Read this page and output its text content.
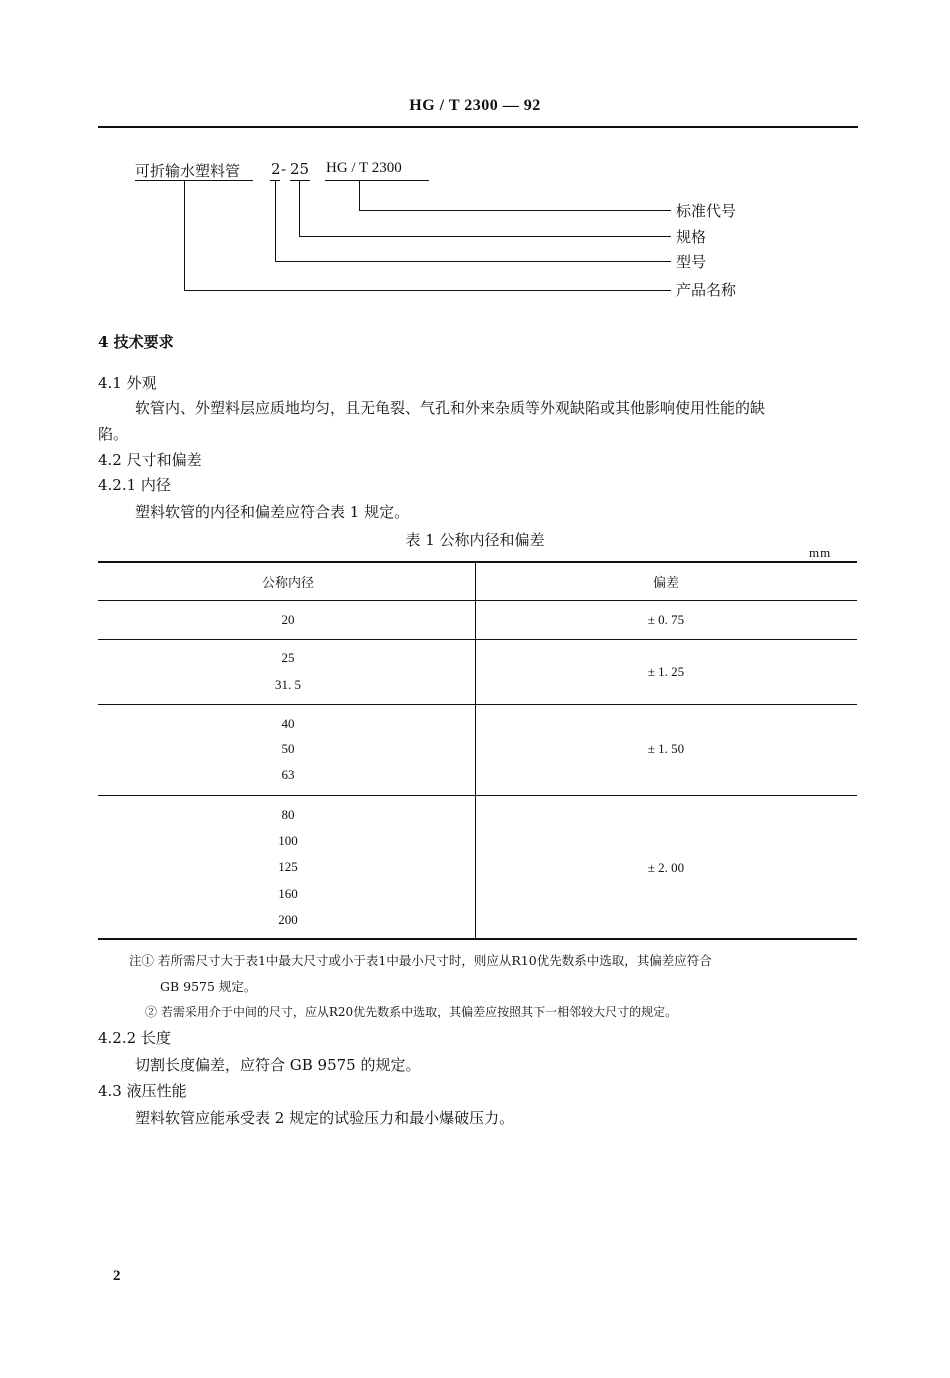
HG / T 2300 — 92
可折输水塑料管 2 - 25 HG / T 2300
标准代号
规格
型号
产品名称
4 技术要求
4.1 外观
软管内、外塑料层应质地均匀，且无龟裂、气孔和外来杂质等外观缺陷或其他影响使用性能的缺
陷。
4.2 尺寸和偏差
4.2.1 内径
塑料软管的内径和偏差应符合表 1 规定。
表 1 公称内径和偏差
mm
公称内径	偏差
20	± 0. 75
25
31. 5
± 1. 25
40
50
63
± 1. 50
80
100
125
160
200
± 2. 00
注① 若所需尺寸大于表1中最大尺寸或小于表1中最小尺寸时，则应从R10优先数系中选取，其偏差应符合
GB 9575 规定。
② 若需采用介于中间的尺寸，应从R20优先数系中选取，其偏差应按照其下一相邻较大尺寸的规定。
4.2.2 长度
切割长度偏差，应符合 GB 9575 的规定。
4.3 液压性能
塑料软管应能承受表 2 规定的试验压力和最小爆破压力。
2
